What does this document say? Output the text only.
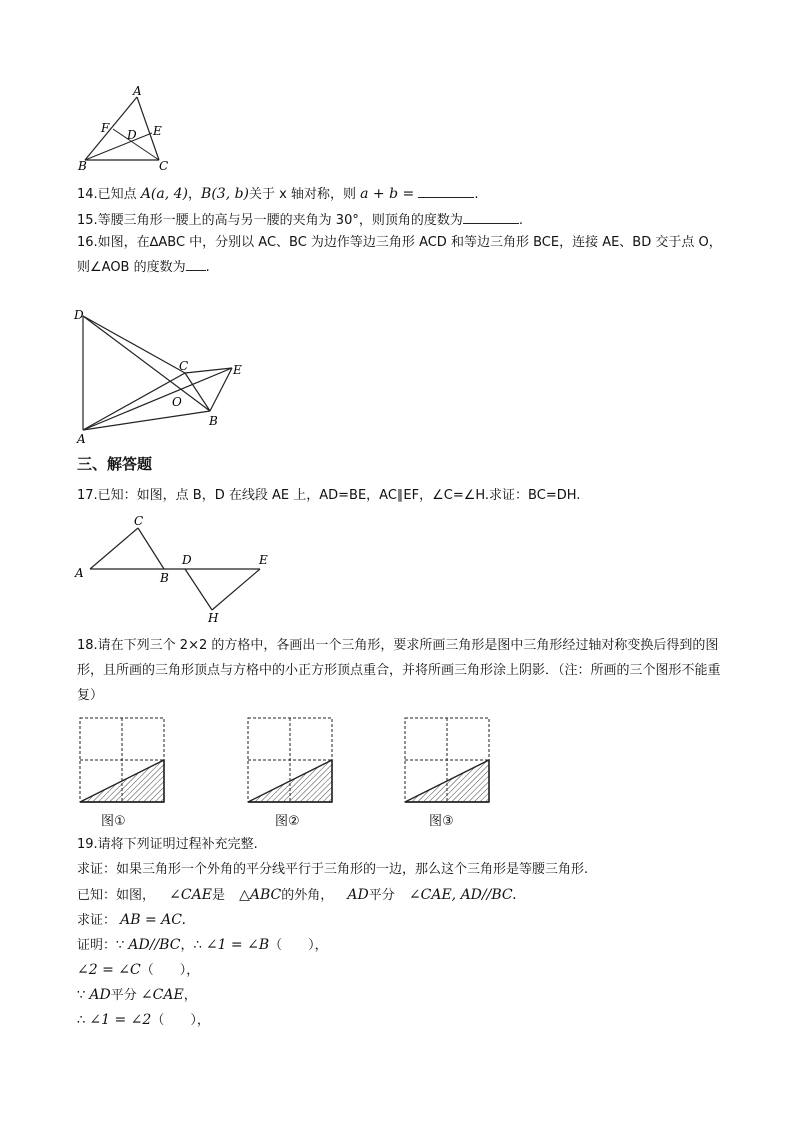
A
F D E
B	C
14.已知点 A(a, 4)，B(3, b)关于 x 轴对称，则 a + b =	.
15.等腰三角形一腰上的高与另一腰的夹角为 30°，则顶角的度数为	.
16.如图，在∆ABC 中，分别以 AC、BC 为边作等边三角形 ACD 和等边三角形 BCE，连接 AE、BD 交于点 O，则∠AOB 的度数为 .
D
C	E
O
A
B
三、解答题
17.已知：如图，点 B，D 在线段 AE 上，AD=BE，AC∥EF，∠C=∠H.求证：BC=DH.
C
A	B
D	E
H
18.请在下列三个 2×2 的方格中，各画出一个三角形，要求所画三角形是图中三角形经过轴对称变换后得到的图形，且所画的三角形顶点与方格中的小正方形顶点重合，并将所画三角形涂上阴影．（注：所画的三个图形不能重复）
图①	图②	图③
19.请将下列证明过程补充完整.
求证：如果三角形一个外角的平分线平行于三角形的一边，那么这个三角形是等腰三角形.
已知：如图， ∠CAE是 △ABC的外角， AD平分 ∠CAE, AD//BC.
求证： AB = AC.
证明：∵ AD//BC，∴ ∠1 = ∠B（　　），
∠2 = ∠C（　　），
∵ AD平分 ∠CAE，
∴ ∠1 = ∠2（　　），
